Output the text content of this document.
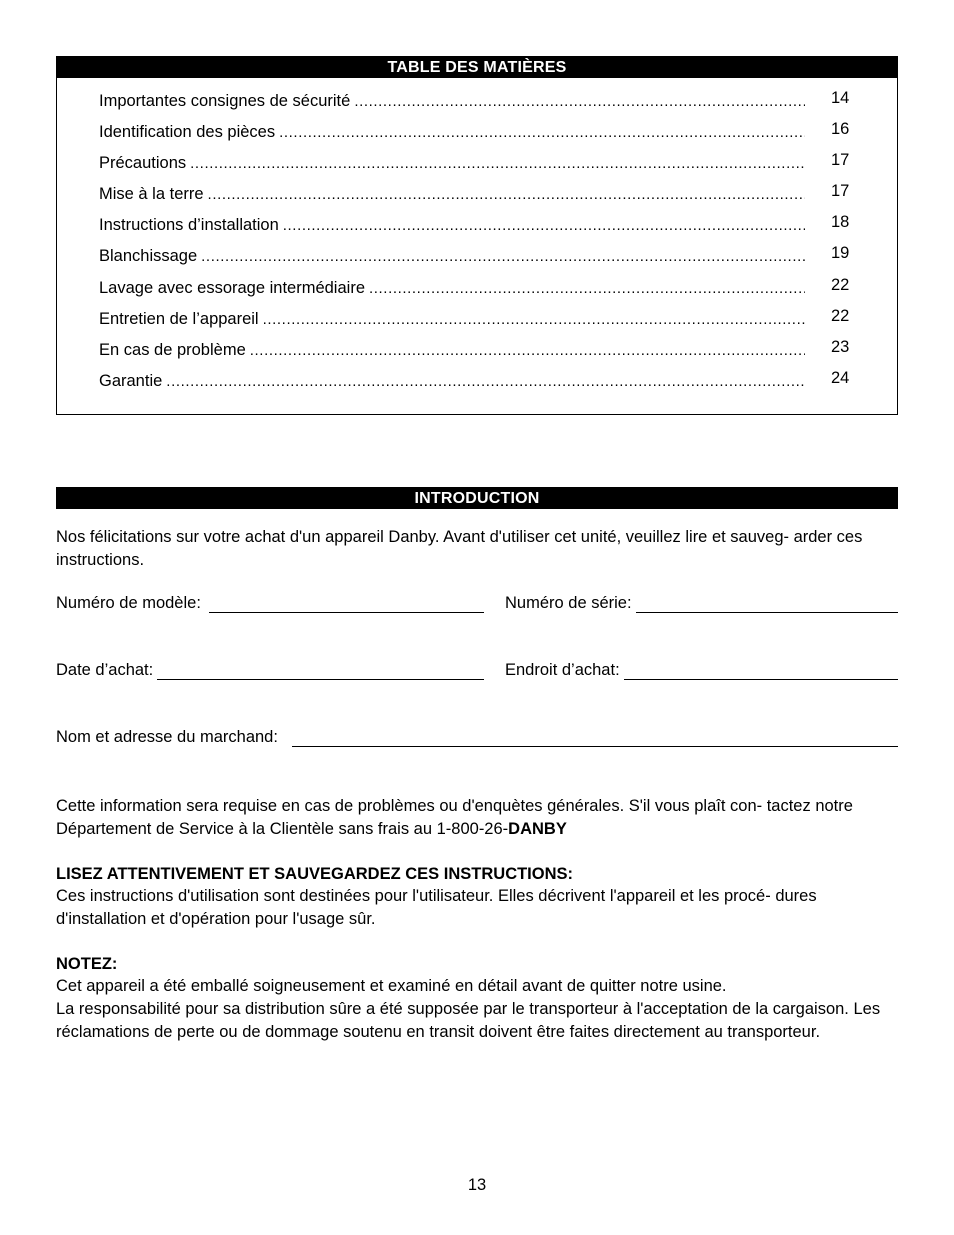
TABLE DES MATIÈRES
Importantes consignes de sécurité .....	14
Identification des pièces .....	16
Précautions .....	17
Mise à la terre .....	17
Instructions d’installation .....	18
Blanchissage .....	19
Lavage avec essorage intermédiaire .....	22
Entretien de l’appareil .....	22
En cas de problème .....	23
Garantie .....	24
INTRODUCTION
Nos félicitations sur votre achat d'un appareil Danby. Avant d'utiliser cet unité, veuillez lire et sauveg- arder ces instructions.
Numéro de modèle:	Numéro de série:
Date d’achat:	Endroit d’achat:
Nom et adresse du marchand:
Cette information sera requise en cas de problèmes ou d'enquètes générales. S'il vous plaît con- tactez notre Département de Service à la Clientèle sans frais au 1-800-26-DANBY
LISEZ ATTENTIVEMENT ET SAUVEGARDEZ CES INSTRUCTIONS:
Ces instructions d'utilisation sont destinées pour l'utilisateur. Elles décrivent l'appareil et les procé- dures d'installation et d'opération pour l'usage sûr.
NOTEZ:
Cet appareil a été emballé soigneusement et examiné en détail avant de quitter notre usine.
La responsabilité pour sa distribution sûre a été supposée par le transporteur à l'acceptation de la cargaison. Les réclamations de perte ou de dommage soutenu en transit doivent être faites directement au transporteur.
13
